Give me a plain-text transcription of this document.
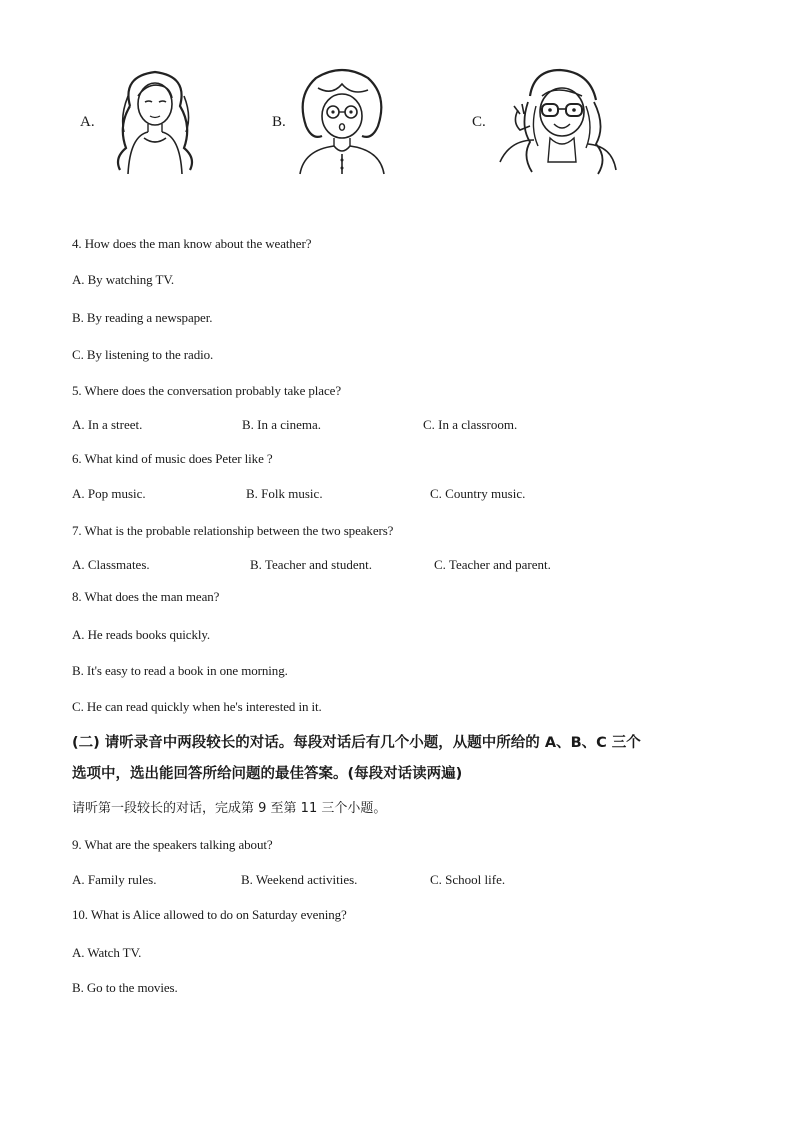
A.	B.	C.
4. How does the man know about the weather?
A. By watching TV.
B. By reading a newspaper.
C. By listening to the radio.
5. Where does the conversation probably take place?
A. In a street.	B. In a cinema.	C. In a classroom.
6. What kind of music does Peter like ?
A. Pop music.	B. Folk music.	C. Country music.
7. What is the probable relationship between the two speakers?
A. Classmates.	B. Teacher and student.	C. Teacher and parent.
8. What does the man mean?
A. He reads books quickly.
B. It's easy to read a book in one morning.
C. He can read quickly when he's interested in it.
(二) 请听录音中两段较长的对话。每段对话后有几个小题，从题中所给的 A、B、C 三个
选项中，选出能回答所给问题的最佳答案。(每段对话读两遍)
请听第一段较长的对话，完成第 9 至第 11 三个小题。
9. What are the speakers talking about?
A. Family rules.	B. Weekend activities.	C. School life.
10. What is Alice allowed to do on Saturday evening?
A. Watch TV.
B. Go to the movies.
